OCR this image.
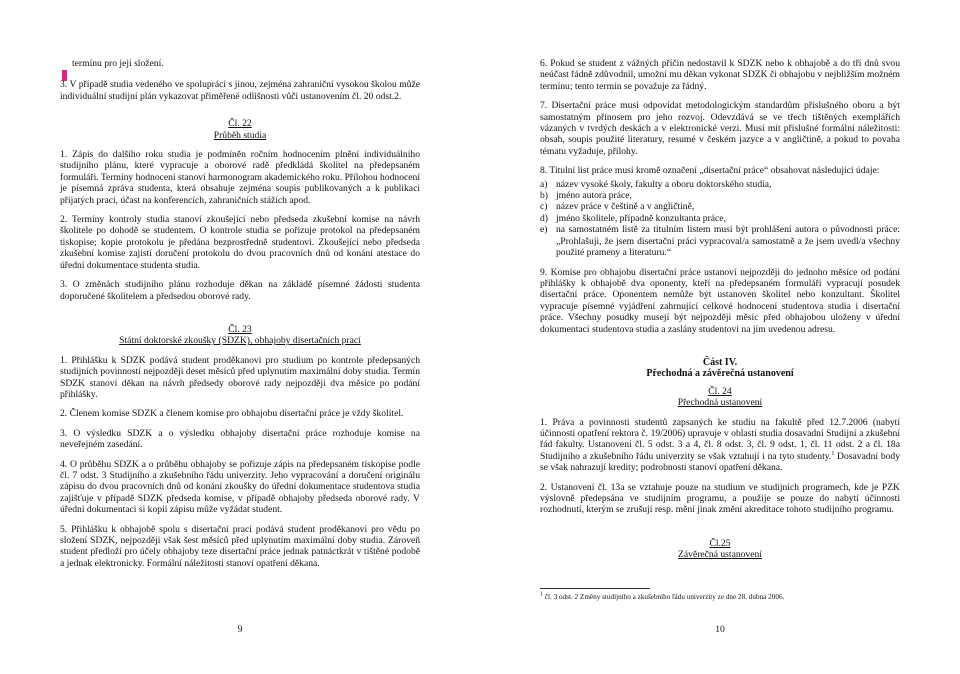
termínu pro její složení.

3. V případě studia vedeného ve spolupráci s jinou, zejména zahraniční vysokou školou může individuální studijní plán vykazovat přiměřené odlišnosti vůči ustanovením čl. 20 odst.2.

Čl. 22

Průběh studia

1. Zápis do dalšího roku studia je podmíněn ročním hodnocením plnění individuálního studijního plánu, které vypracuje a oborové radě předkládá školitel na předepsaném formuláři. Termíny hodnocení stanoví harmonogram akademického roku. Přílohou hodnocení je písemná zpráva studenta, která obsahuje zejména soupis publikovaných a k publikaci přijatých prací, účast na konferencích, zahraničních stážích apod.

2. Termíny kontroly studia stanoví zkoušející nebo předseda zkušební komise na návrh školitele po dohodě se studentem. O kontrole studia se pořizuje protokol na předepsaném tiskopise; kopie protokolu je předána bezprostředně studentovi. Zkoušející nebo předseda zkušební komise zajistí doručení protokolu do dvou pracovních dnů od konání atestace do úřední dokumentace studenta studia.

3. O změnách studijního plánu rozhoduje děkan na základě písemné žádosti studenta doporučené školitelem a předsedou oborové rady.

Čl. 23

Státní doktorské zkoušky (SDZK), obhajoby disertačních prací

1. Přihlášku k SDZK podává student proděkanovi pro studium po kontrole předepsaných studijních povinností nejpozději deset měsíců před uplynutím maximální doby studia. Termín SDZK stanoví děkan na návrh předsedy oborové rady nejpozději dva měsíce po podání přihlášky.

2. Členem komise SDZK a členem komise pro obhajobu disertační práce je vždy školitel.

3. O výsledku SDZK a o výsledku obhajoby disertační práce rozhoduje komise na neveřejném zasedání.

4. O průběhu SDZK a o průběhu obhajoby se pořizuje zápis na předepsaném tiskopise podle čl. 7 odst. 3 Studijního a zkušebního řádu univerzity. Jeho vypracování a doručení originálu zápisu do dvou pracovních dnů od konání zkoušky do úřední dokumentace studentova studia zajišťuje v případě SDZK předseda komise, v případě obhajoby předseda oborové rady. V úřední dokumentaci si kopii zápisu může vyžádat student.

5. Přihlášku k obhajobě spolu s disertační prací podává student proděkanovi pro vědu po složení SDZK, nejpozději však šest měsíců před uplynutím maximální doby studia. Zároveň student předloží pro účely obhajoby teze disertační práce jednak patnáctkrát v tištěné podobě a jednak elektronicky. Formální náležitosti stanoví opatření děkana.

9

6. Pokud se student z vážných příčin nedostavil k SDZK nebo k obhajobě a do tří dnů svou neúčast řádně zdůvodnil, umožní mu děkan vykonat SDZK či obhajobu v nejbližším možném termínu; tento termín se považuje za řádný.

7. Disertační práce musí odpovídat metodologickým standardům příslušného oboru a být samostatným přínosem pro jeho rozvoj. Odevzdává se ve třech tištěných exemplářích vázaných v tvrdých deskách a v elektronické verzi. Musí mít příslušné formální náležitosti: obsah, soupis použité literatury, resumé v českém jazyce a v angličtině, a pokud to povaha tématu vyžaduje, přílohy.

8. Titulní list práce musí kromě označení „disertační práce“ obsahovat následující údaje:

a) název vysoké školy, fakulty a oboru doktorského studia,
b) jméno autora práce,
c) název práce v češtině a v angličtině,
d) jméno školitele, případně konzultanta práce,
e) na samostatném listě za titulním listem musí být prohlášení autora o původnosti práce: „Prohlašuji, že jsem disertační práci vypracoval/a samostatně a že jsem uvedl/a všechny použité prameny a literaturu.“

9. Komise pro obhajobu disertační práce ustanoví nejpozději do jednoho měsíce od podání přihlášky k obhajobě dva oponenty, kteří na předepsaném formuláři vypracují posudek disertační práce. Oponentem nemůže být ustanoven školitel nebo konzultant. Školitel vypracuje písemné vyjádření zahrnující celkové hodnocení studentova studia i disertační práce. Všechny posudky musejí být nejpozději měsíc před obhajobou uloženy v úřední dokumentaci studentova studia a zaslány studentovi na jím uvedenou adresu.

Část IV.

Přechodná a závěrečná ustanovení

Čl. 24

Přechodná ustanovení

1. Práva a povinnosti studentů zapsaných ke studiu na fakultě před 12.7.2006 (nabytí účinnosti opatření rektora č. 19/2006) upravuje v oblasti studia dosavadní Studijní a zkušební řád fakulty. Ustanovení čl. 5 odst. 3 a 4, čl. 8 odst. 3, čl. 9 odst. 1, čl. 11 odst. 2 a čl. 18a Studijního a zkušebního řádu univerzity se však vztahují i na tyto studenty.$^1$ Dosavadní body se však nahrazují kredity; podrobnosti stanoví opatření děkana.

2. Ustanovení čl. 13a se vztahuje pouze na studium ve studijních programech, kde je PZK výslovně předepsána ve studijním programu, a použije se pouze do nabytí účinnosti rozhodnutí, kterým se zrušují resp. mění jinak změní akreditace tohoto studijního programu.

Čl.25

Závěrečná ustanovení

$^1$ čl. 3 odst. 2 Změny studijního a zkušebního řádu univerzity ze dne 28. dubna 2006.
10
